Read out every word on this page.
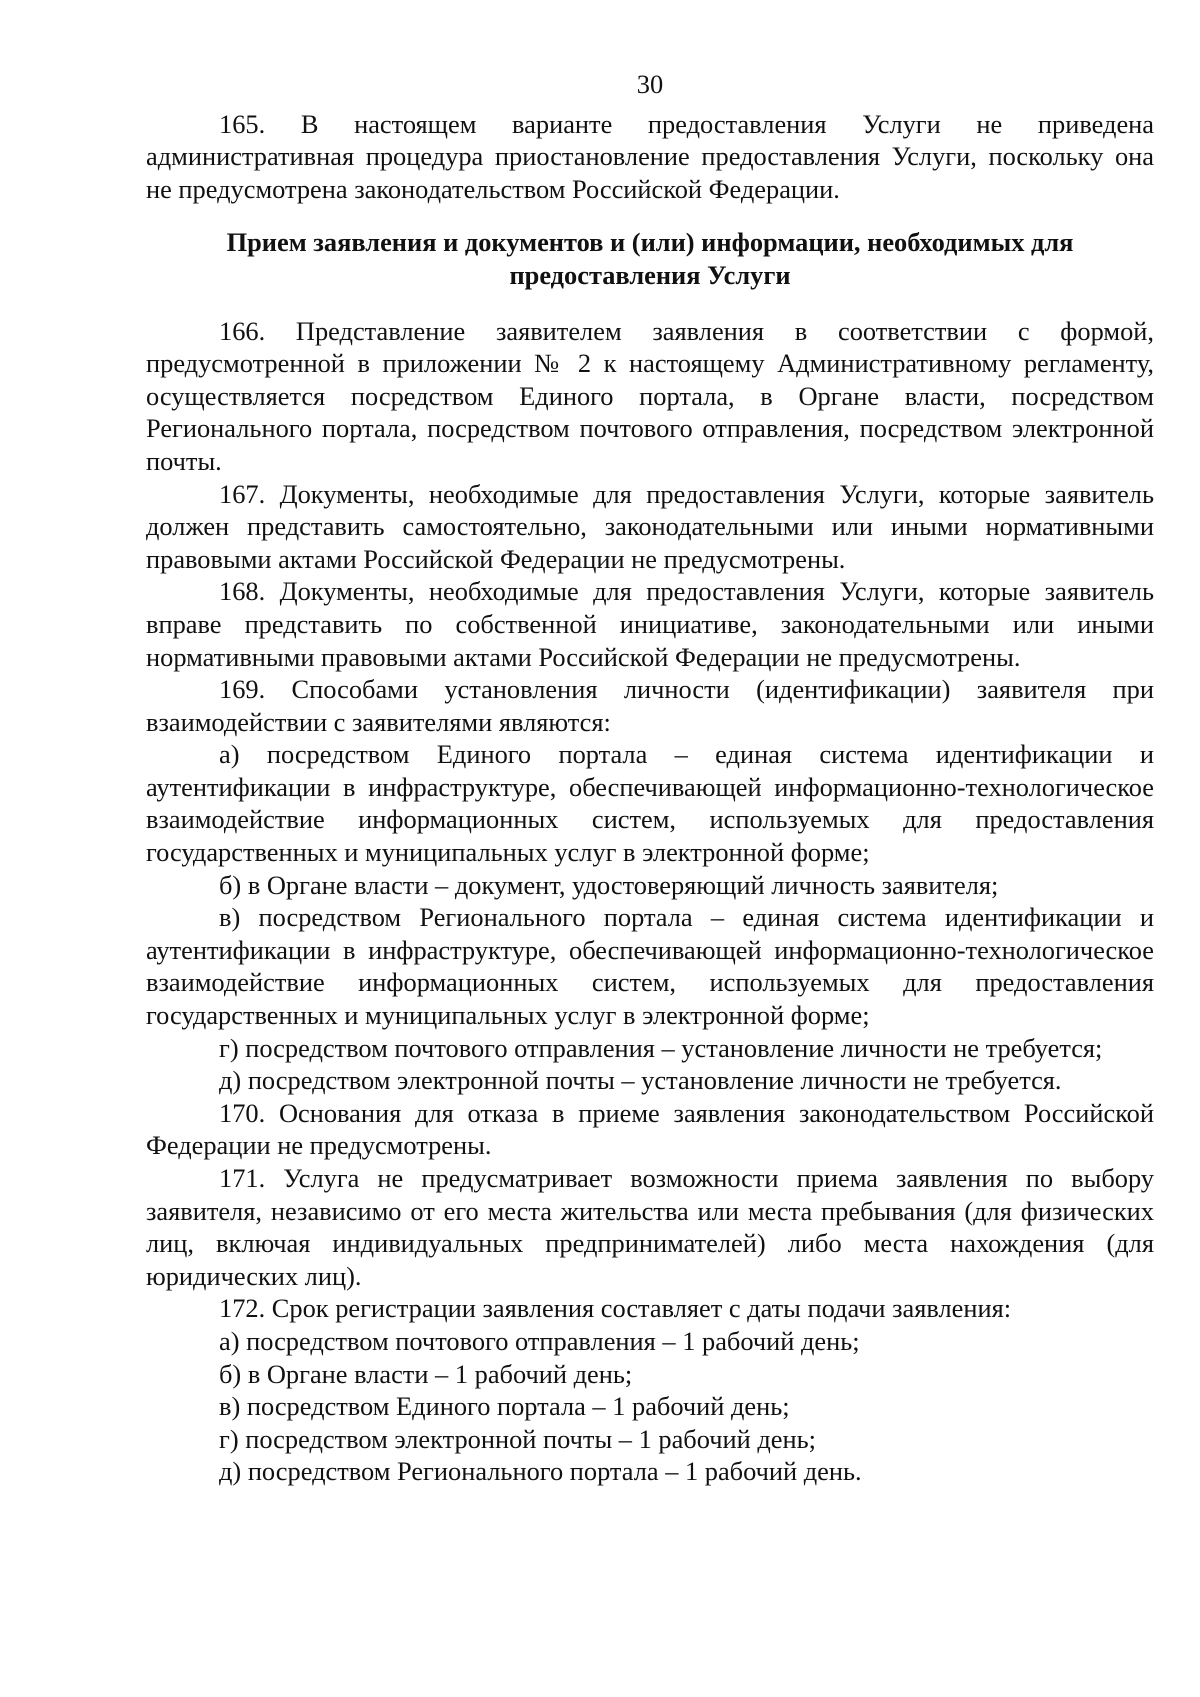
30

165. В настоящем варианте предоставления Услуги не приведена административная процедура приостановление предоставления Услуги, поскольку она не предусмотрена законодательством Российской Федерации.

Прием заявления и документов и (или) информации, необходимых для предоставления Услуги

166. Представление заявителем заявления в соответствии с формой, предусмотренной в приложении № 2 к настоящему Административному регламенту, осуществляется посредством Единого портала, в Органе власти, посредством Регионального портала, посредством почтового отправления, посредством электронной почты.

167. Документы, необходимые для предоставления Услуги, которые заявитель должен представить самостоятельно, законодательными или иными нормативными правовыми актами Российской Федерации не предусмотрены.

168. Документы, необходимые для предоставления Услуги, которые заявитель вправе представить по собственной инициативе, законодательными или иными нормативными правовыми актами Российской Федерации не предусмотрены.

169. Способами установления личности (идентификации) заявителя при взаимодействии с заявителями являются:

а) посредством Единого портала – единая система идентификации и аутентификации в инфраструктуре, обеспечивающей информационно-технологическое взаимодействие информационных систем, используемых для предоставления государственных и муниципальных услуг в электронной форме;

б) в Органе власти – документ, удостоверяющий личность заявителя;

в) посредством Регионального портала – единая система идентификации и аутентификации в инфраструктуре, обеспечивающей информационно-технологическое взаимодействие информационных систем, используемых для предоставления государственных и муниципальных услуг в электронной форме;

г) посредством почтового отправления – установление личности не требуется;

д) посредством электронной почты – установление личности не требуется.

170. Основания для отказа в приеме заявления законодательством Российской Федерации не предусмотрены.

171. Услуга не предусматривает возможности приема заявления по выбору заявителя, независимо от его места жительства или места пребывания (для физических лиц, включая индивидуальных предпринимателей) либо места нахождения (для юридических лиц).

172. Срок регистрации заявления составляет с даты подачи заявления:

а) посредством почтового отправления – 1 рабочий день;

б) в Органе власти – 1 рабочий день;

в) посредством Единого портала – 1 рабочий день;

г) посредством электронной почты – 1 рабочий день;

д) посредством Регионального портала – 1 рабочий день.
